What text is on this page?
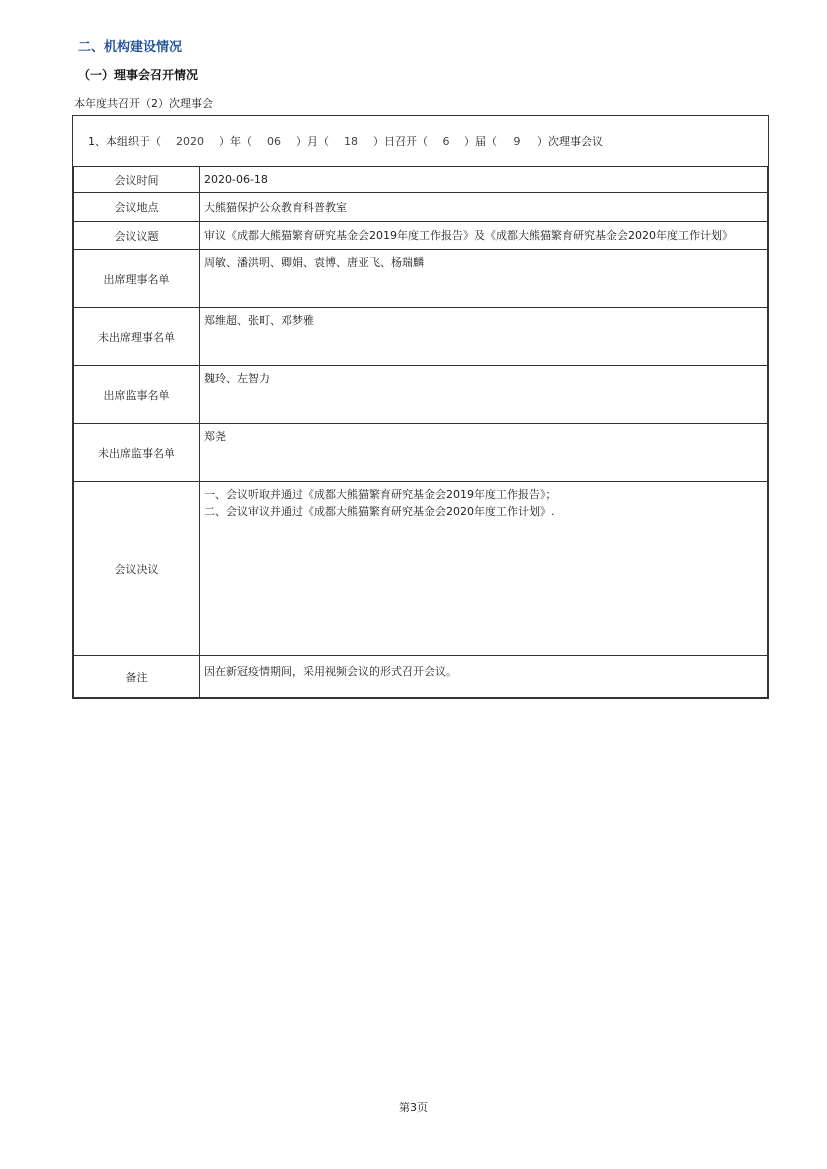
二、机构建设情况
（一）理事会召开情况
本年度共召开（2）次理事会
1、本组织于（ 2020 ）年（ 06 ）月（ 18 ）日召开（ 6 ）届（ 9 ）次理事会议
会议时间	2020-06-18
会议地点	大熊猫保护公众教育科普教室
会议议题	审议《成都大熊猫繁育研究基金会2019年度工作报告》及《成都大熊猫繁育研究基金会2020年度工作计划》
出席理事名单	周敏、潘洪明、卿娟、袁博、唐亚飞、杨瑞麟
未出席理事名单	郑维超、张町、邓梦雅
出席监事名单	魏玲、左智力
未出席监事名单	郑尧
会议决议	一、会议听取并通过《成都大熊猫繁育研究基金会2019年度工作报告》；
二、会议审议并通过《成都大熊猫繁育研究基金会2020年度工作计划》.

备注	因在新冠疫情期间，采用视频会议的形式召开会议。
第3页
